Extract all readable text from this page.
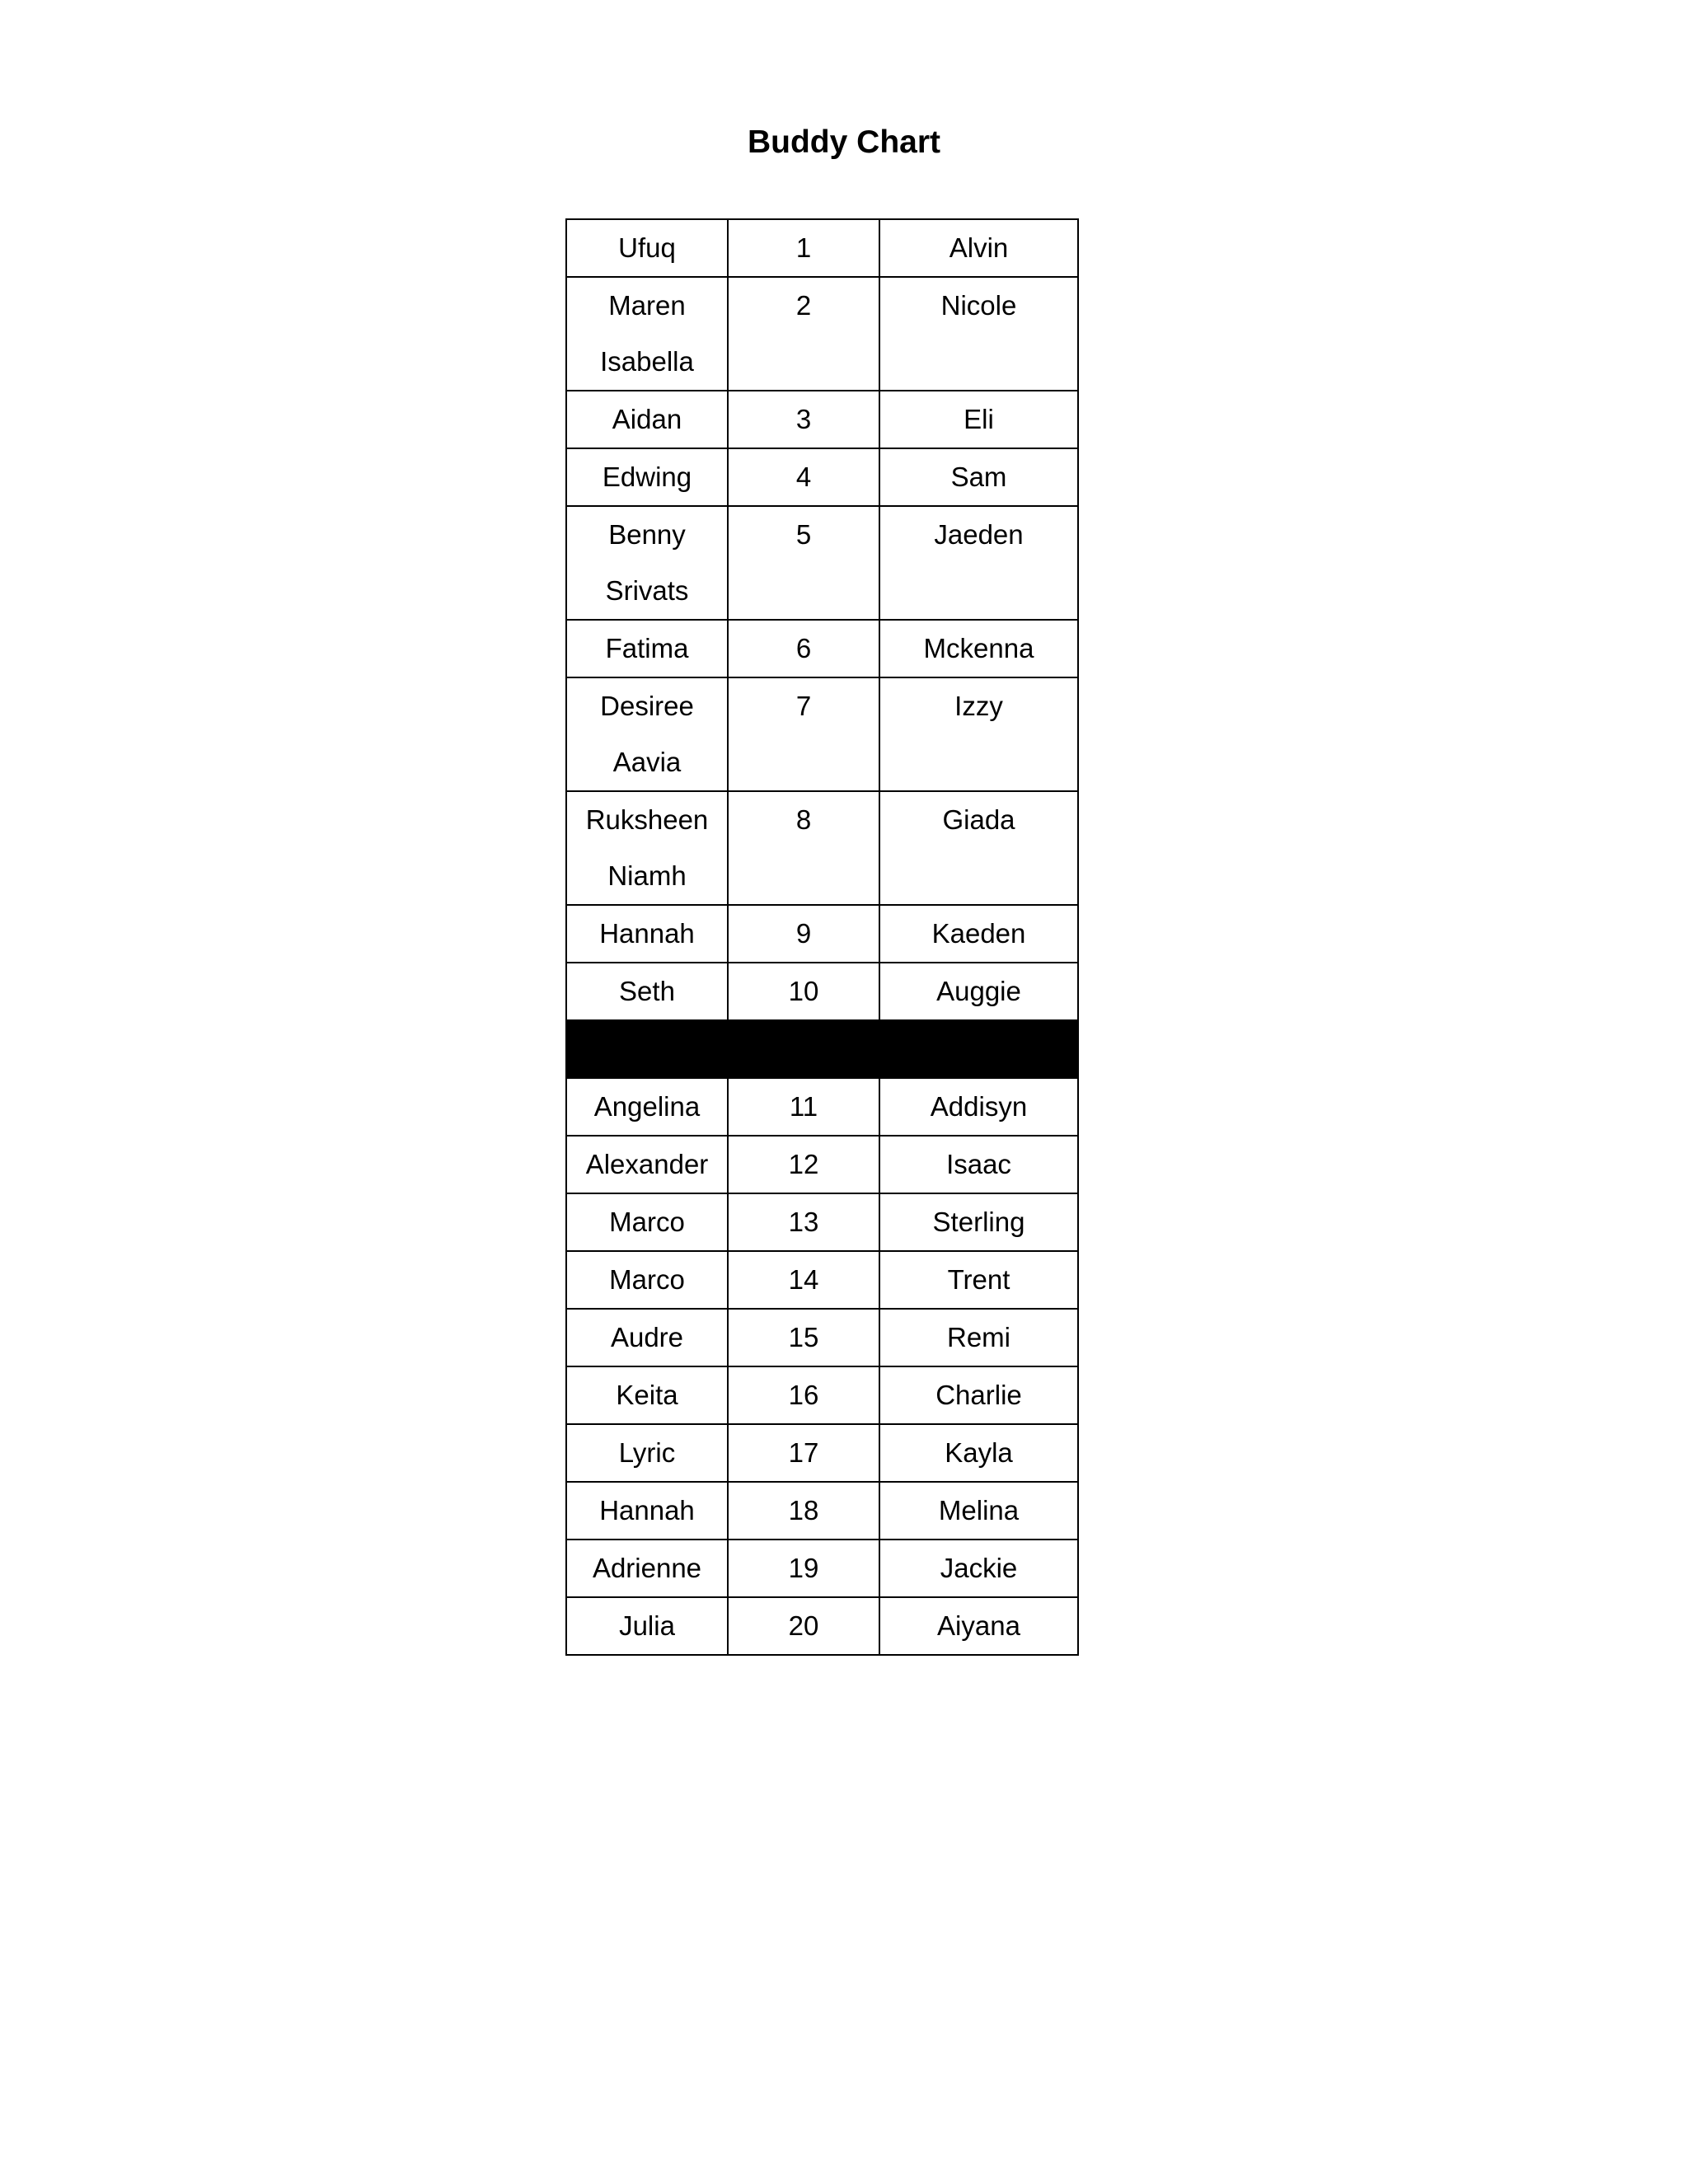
Buddy Chart
Ufuq	1	Alvin

Maren
Isabella	2	Nicole

Aidan	3	Eli

Edwing	4	Sam

Benny
Srivats	5	Jaeden

Fatima	6	Mckenna

Desiree
Aavia	7	Izzy

Ruksheen
Niamh	8	Giada

Hannah	9	Kaeden

Seth	10	Auggie

Angelina	11	Addisyn

Alexander	12	Isaac

Marco	13	Sterling

Marco	14	Trent

Audre	15	Remi

Keita	16	Charlie

Lyric	17	Kayla

Hannah	18	Melina

Adrienne	19	Jackie

Julia	20	Aiyana
